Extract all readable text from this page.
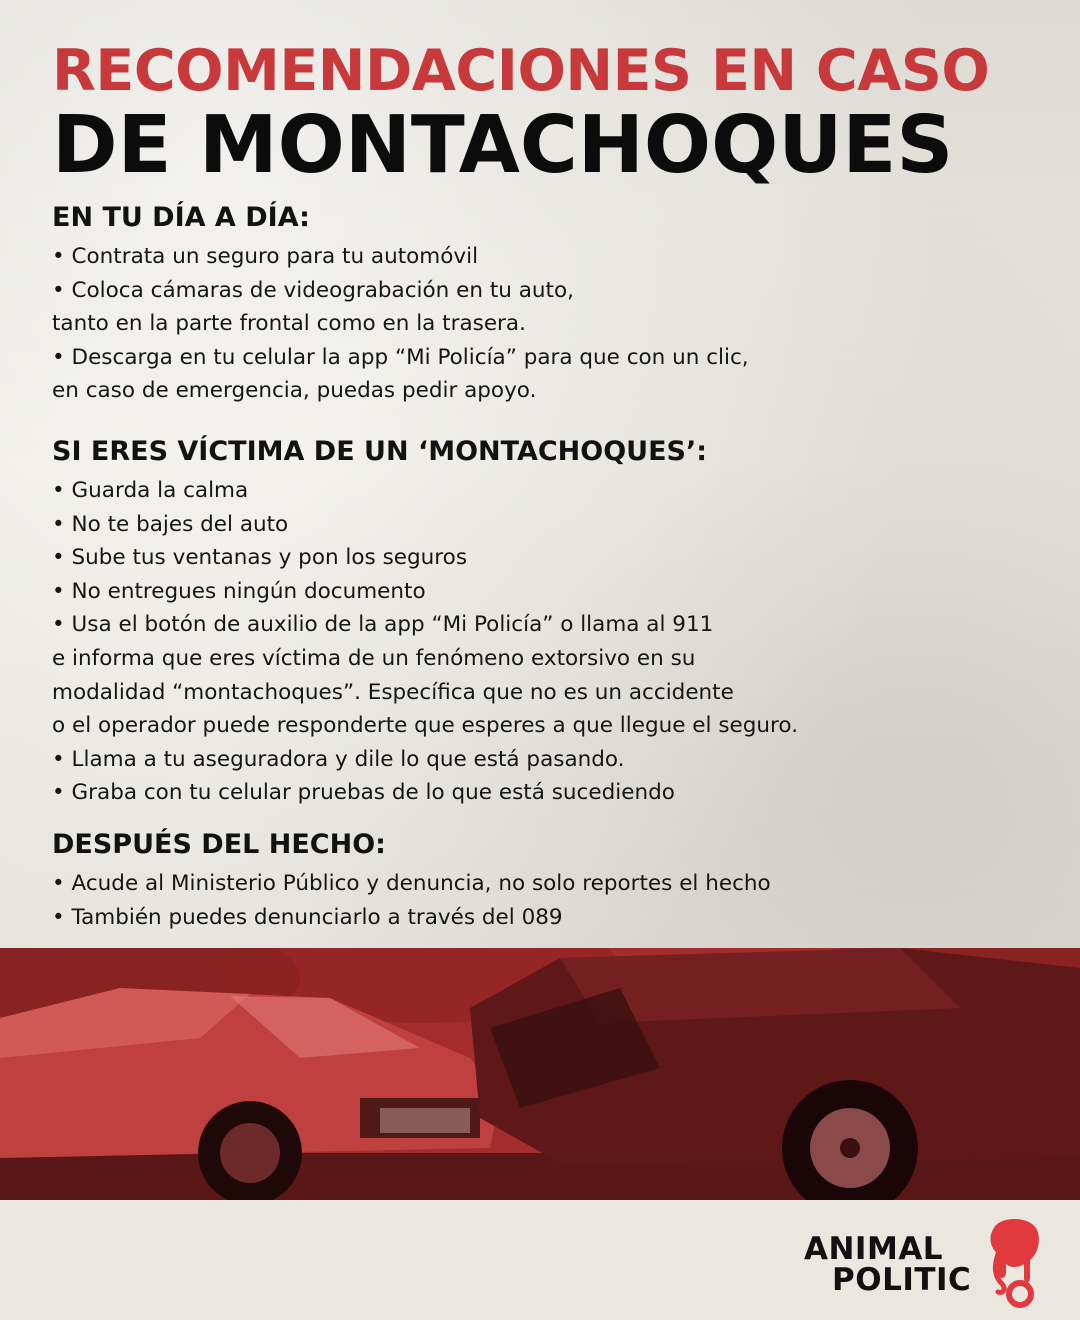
RECOMENDACIONES EN CASO
DE MONTACHOQUES
EN TU DÍA A DÍA:

• Contrata un seguro para tu automóvil

• Coloca cámaras de videograbación en tu auto,

tanto en la parte frontal como en la trasera.

• Descarga en tu celular la app “Mi Policía” para que con un clic,

en caso de emergencia, puedas pedir apoyo.

SI ERES VÍCTIMA DE UN ‘MONTACHOQUES’:

• Guarda la calma

• No te bajes del auto

• Sube tus ventanas y pon los seguros

• No entregues ningún documento

• Usa el botón de auxilio de la app “Mi Policía” o llama al 911

e informa que eres víctima de un fenómeno extorsivo en su

modalidad “montachoques”. Específica que no es un accidente

o el operador puede responderte que esperes a que llegue el seguro.

• Llama a tu aseguradora y dile lo que está pasando.

• Graba con tu celular pruebas de lo que está sucediendo

DESPUÉS DEL HECHO:

• Acude al Ministerio Público y denuncia, no solo reportes el hecho

• También puedes denunciarlo a través del 089

ANIMAL
POLITIC
